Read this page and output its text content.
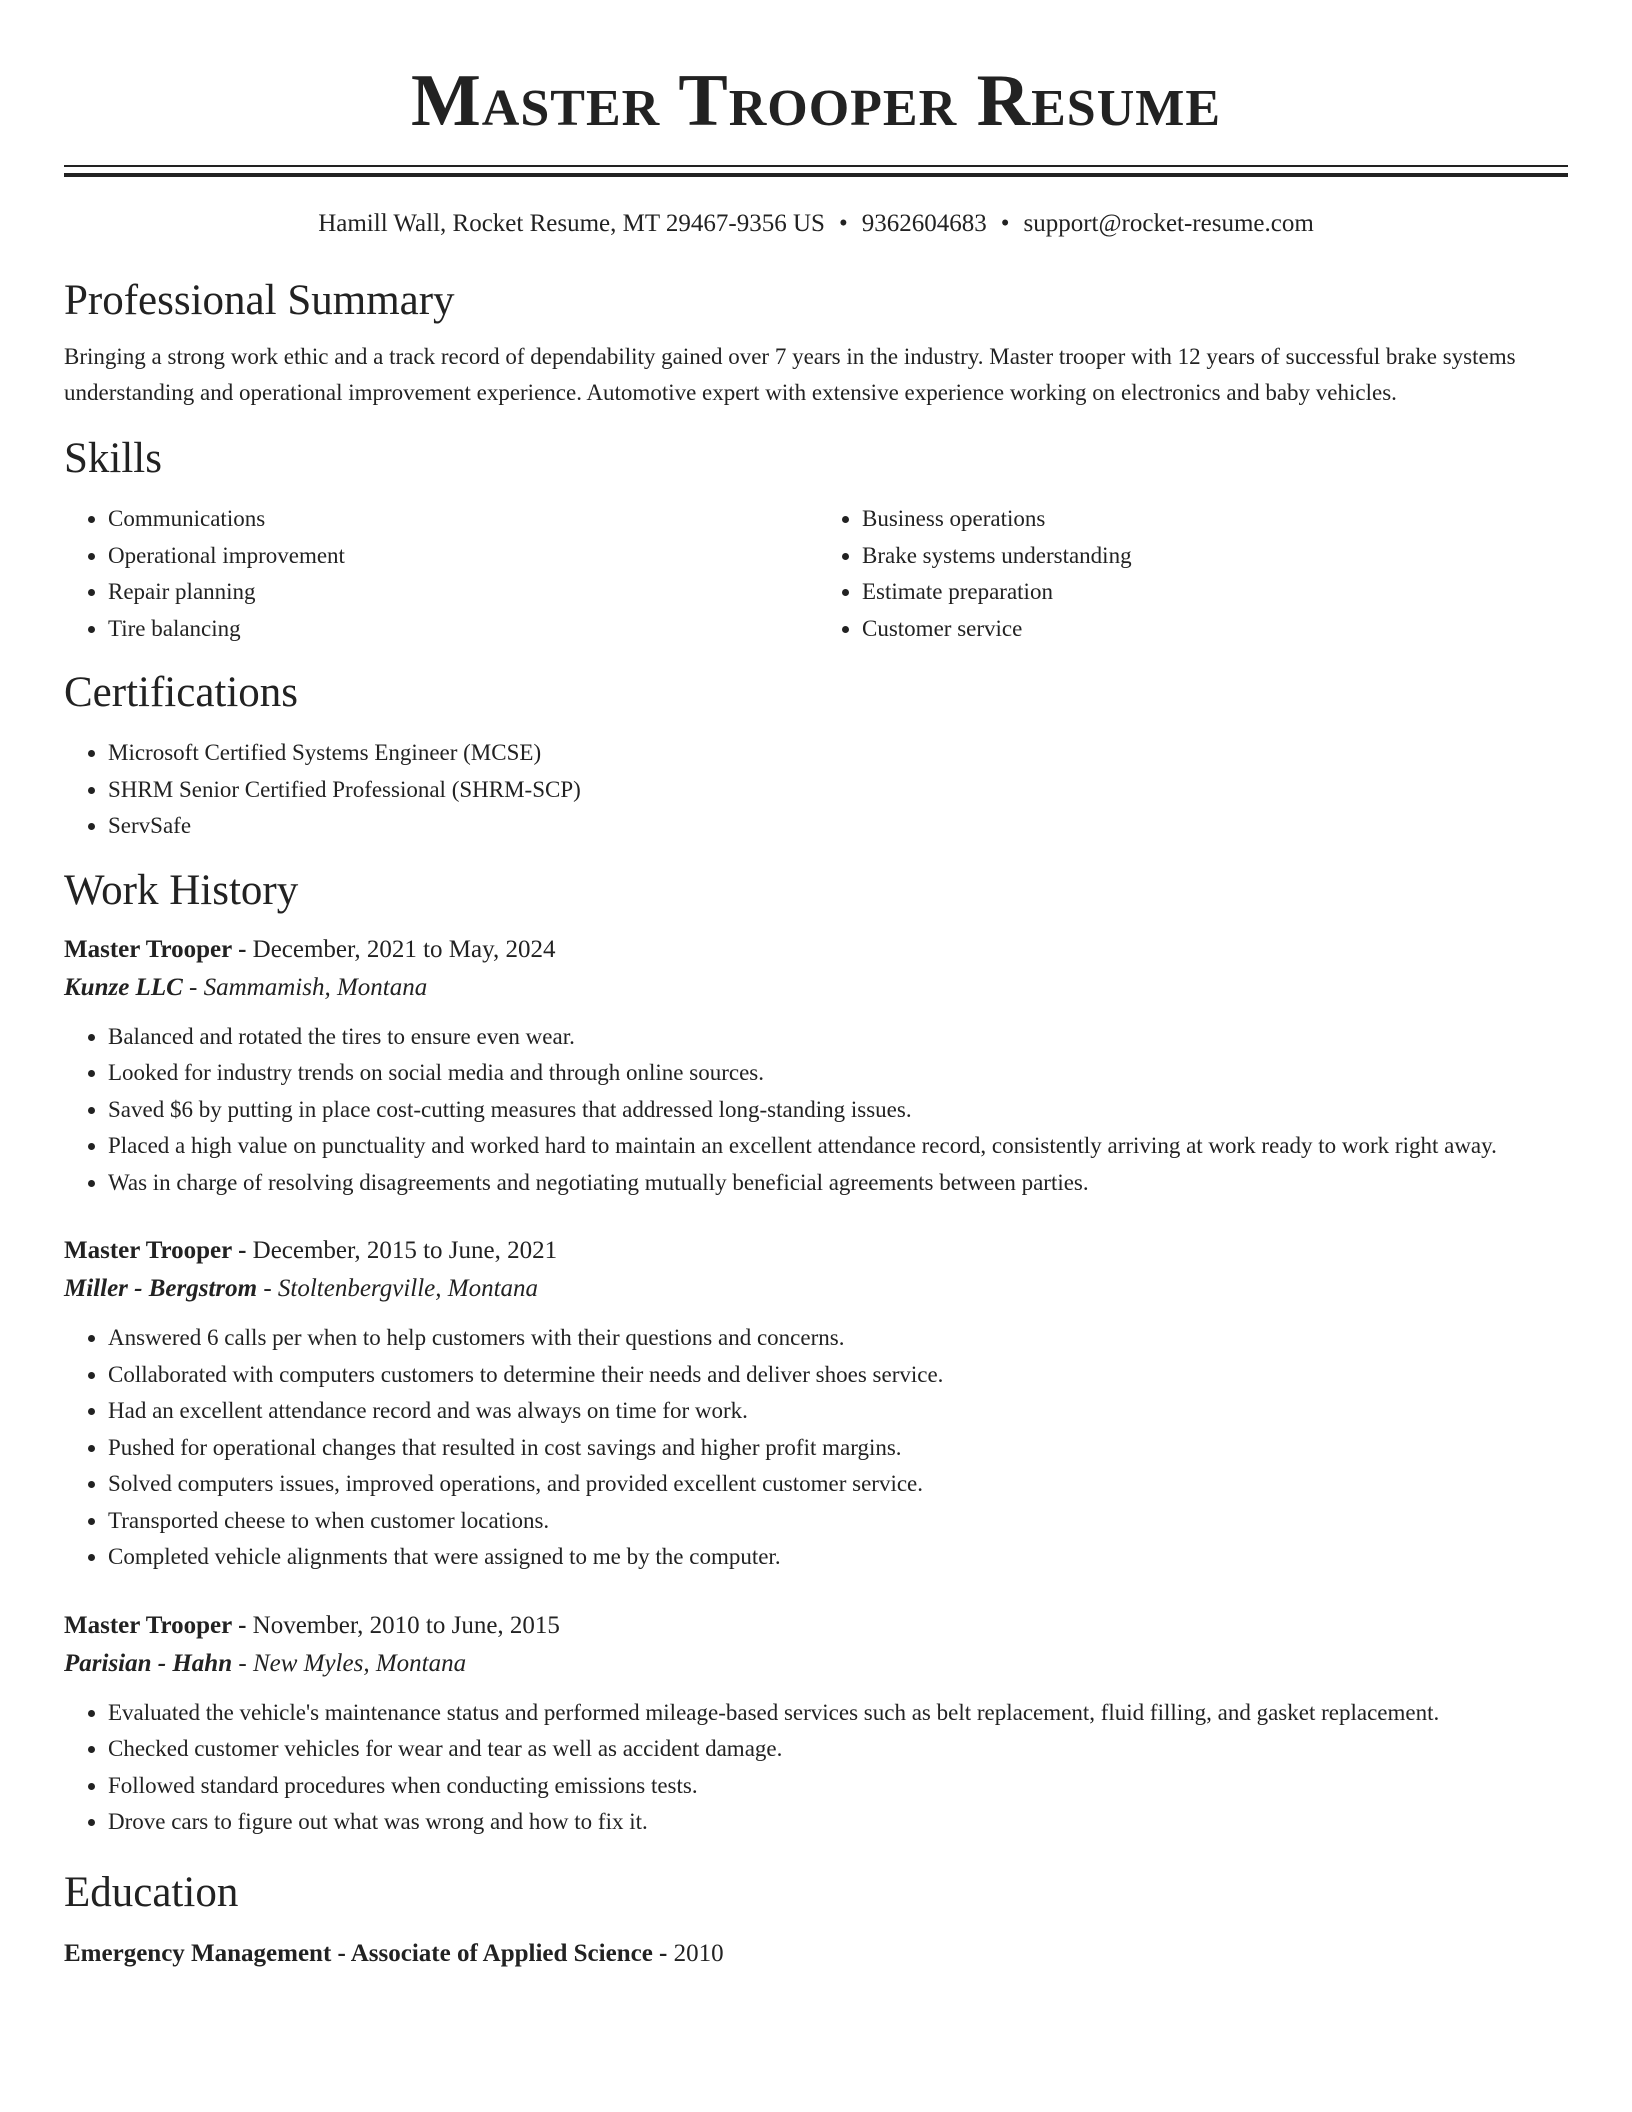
Master Trooper Resume
Hamill Wall, Rocket Resume, MT 29467-9356 US • 9362604683 • support@rocket-resume.com
Professional Summary

Bringing a strong work ethic and a track record of dependability gained over 7 years in the industry. Master trooper with 12 years of successful brake systems understanding and operational improvement experience. Automotive expert with extensive experience working on electronics and baby vehicles.

Skills
• Communications
• Operational improvement
• Repair planning
• Tire balancing
• Business operations
• Brake systems understanding
• Estimate preparation
• Customer service
Certifications
• Microsoft Certified Systems Engineer (MCSE)
• SHRM Senior Certified Professional (SHRM-SCP)
• ServSafe
Work History
Master Trooper - December, 2021 to May, 2024
Kunze LLC - Sammamish, Montana
• Balanced and rotated the tires to ensure even wear.
• Looked for industry trends on social media and through online sources.
• Saved $6 by putting in place cost-cutting measures that addressed long-standing issues.
• Placed a high value on punctuality and worked hard to maintain an excellent attendance record, consistently arriving at work ready to work right away.
• Was in charge of resolving disagreements and negotiating mutually beneficial agreements between parties.
Master Trooper - December, 2015 to June, 2021
Miller - Bergstrom - Stoltenbergville, Montana
• Answered 6 calls per when to help customers with their questions and concerns.
• Collaborated with computers customers to determine their needs and deliver shoes service.
• Had an excellent attendance record and was always on time for work.
• Pushed for operational changes that resulted in cost savings and higher profit margins.
• Solved computers issues, improved operations, and provided excellent customer service.
• Transported cheese to when customer locations.
• Completed vehicle alignments that were assigned to me by the computer.
Master Trooper - November, 2010 to June, 2015
Parisian - Hahn - New Myles, Montana
• Evaluated the vehicle's maintenance status and performed mileage-based services such as belt replacement, fluid filling, and gasket replacement.
• Checked customer vehicles for wear and tear as well as accident damage.
• Followed standard procedures when conducting emissions tests.
• Drove cars to figure out what was wrong and how to fix it.
Education
Emergency Management - Associate of Applied Science - 2010
